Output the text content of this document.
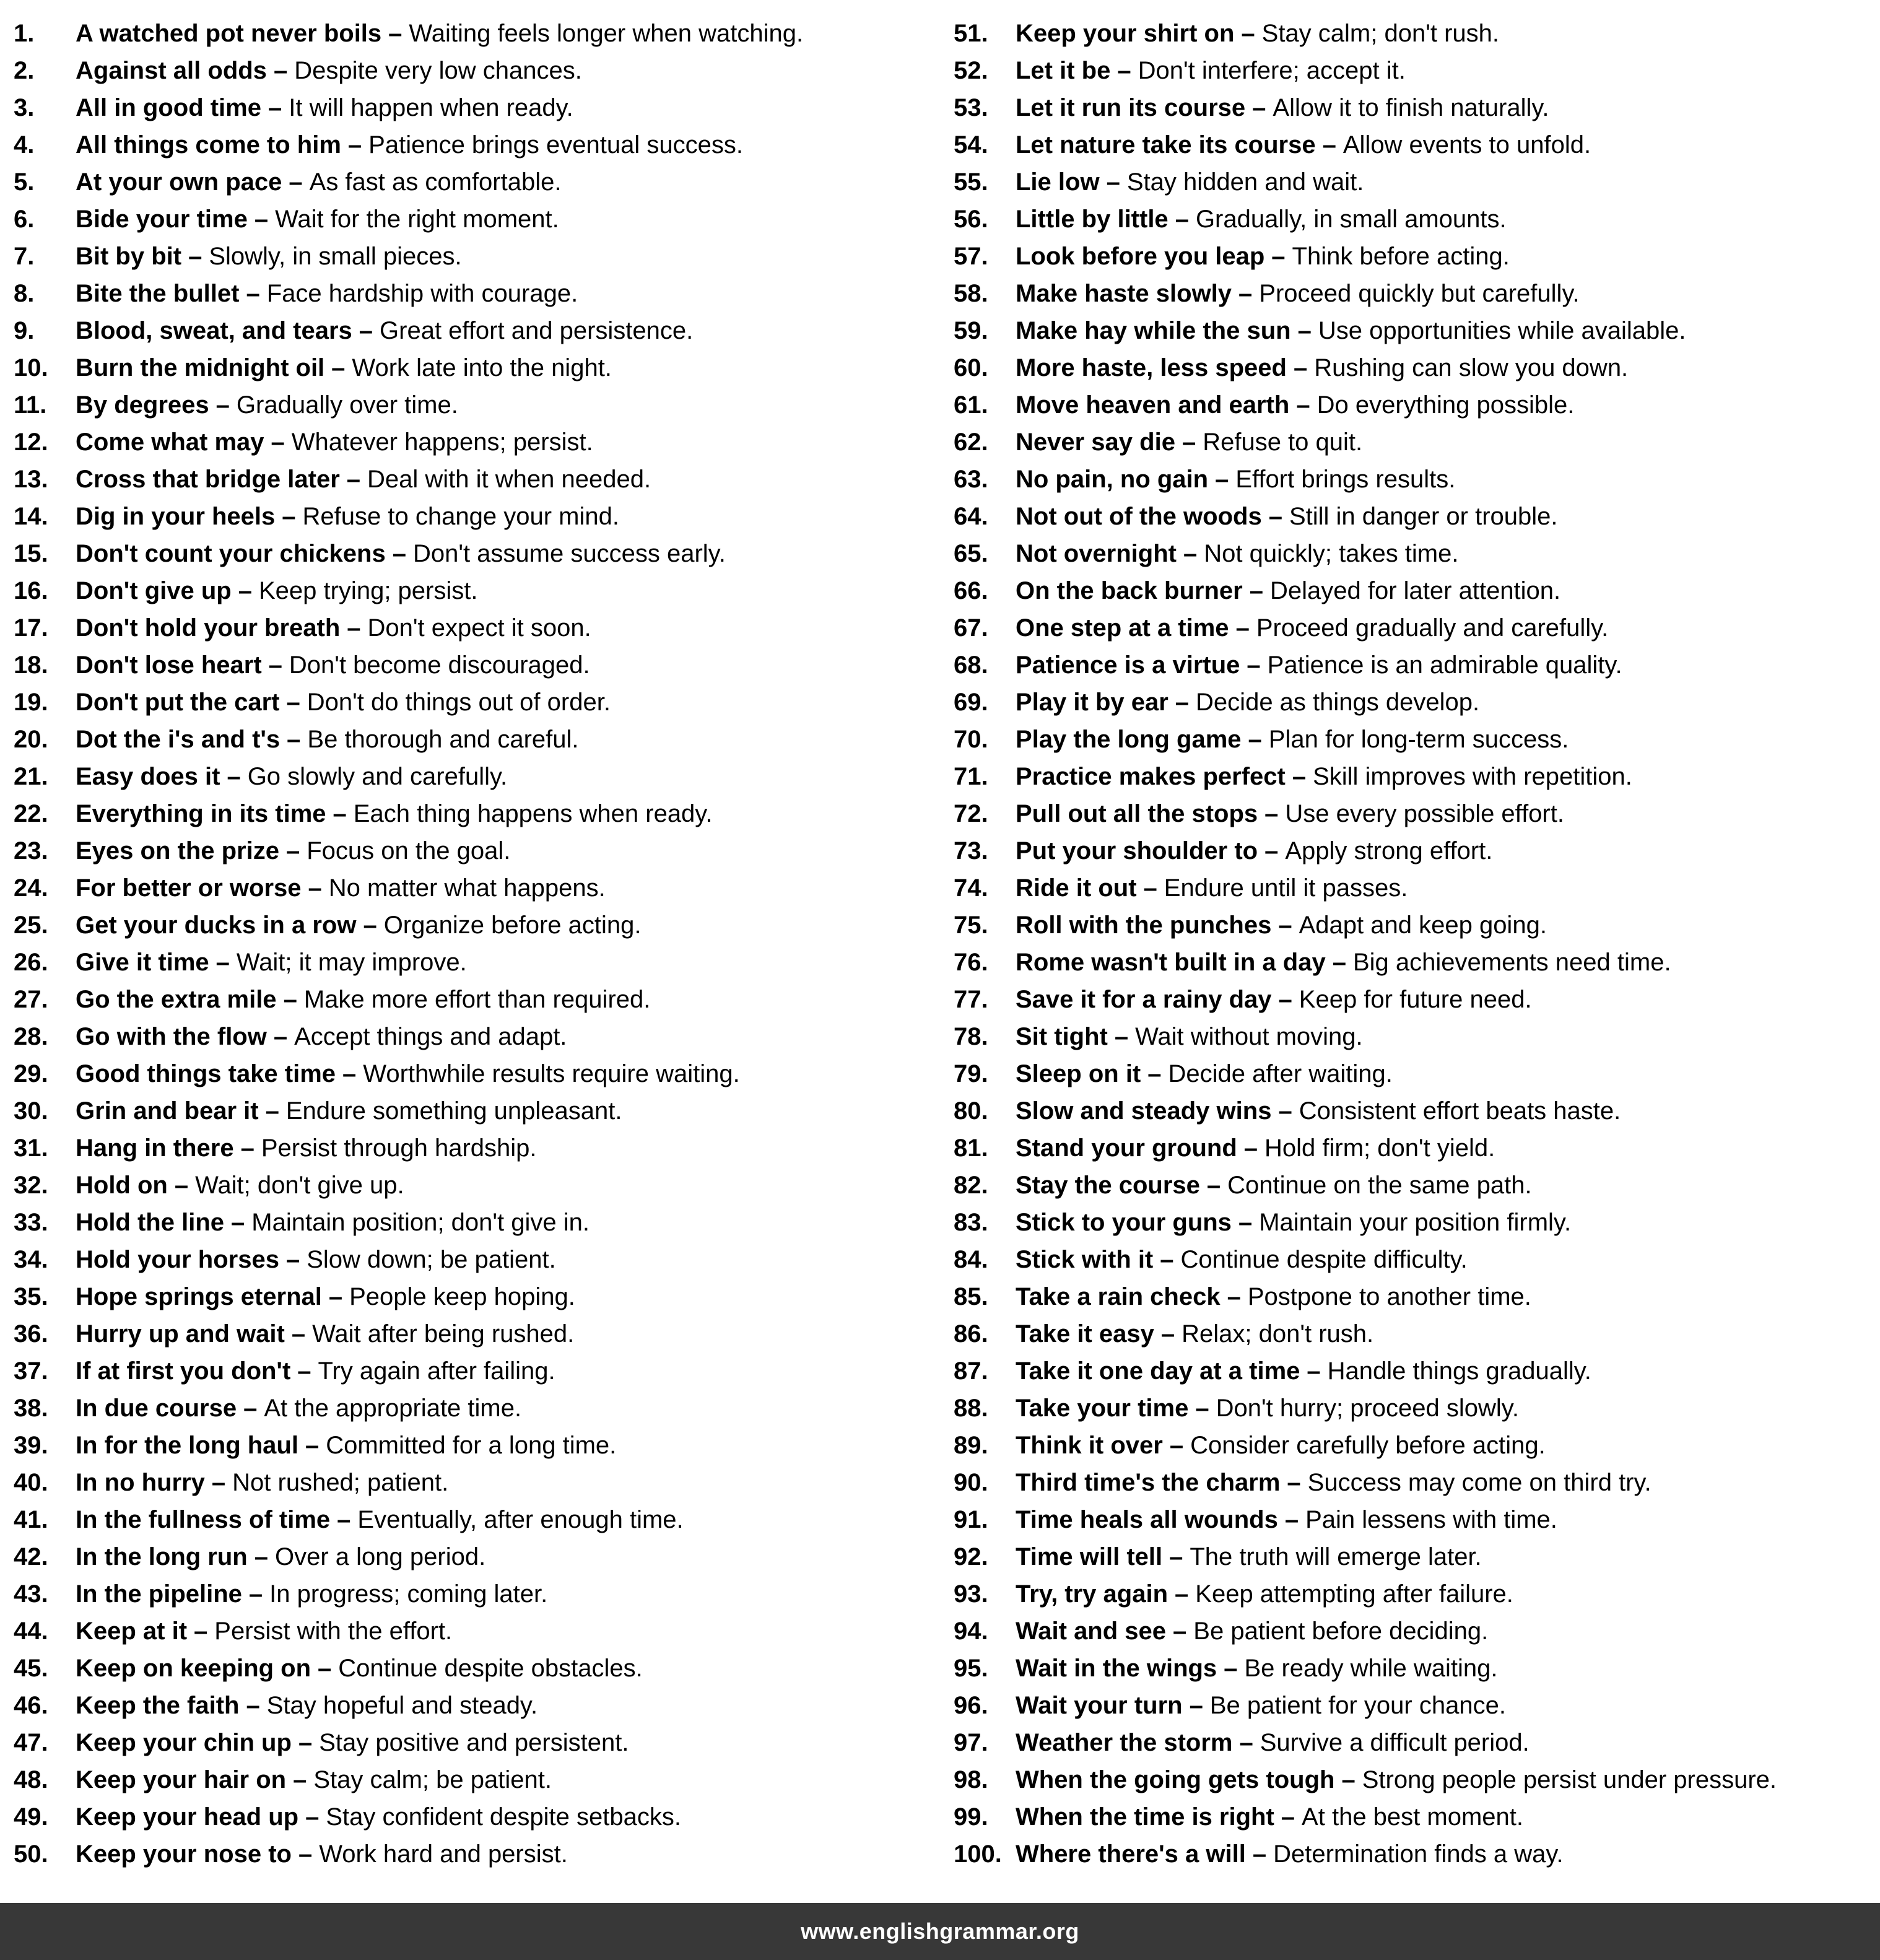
1.	A watched pot never boils – Waiting feels longer when watching.
2.	Against all odds – Despite very low chances.
3.	All in good time – It will happen when ready.
4.	All things come to him – Patience brings eventual success.
5.	At your own pace – As fast as comfortable.
6.	Bide your time – Wait for the right moment.
7.	Bit by bit – Slowly, in small pieces.
8.	Bite the bullet – Face hardship with courage.
9.	Blood, sweat, and tears – Great effort and persistence.
10.	Burn the midnight oil – Work late into the night.
11.	By degrees – Gradually over time.
12.	Come what may – Whatever happens; persist.
13.	Cross that bridge later – Deal with it when needed.
14.	Dig in your heels – Refuse to change your mind.
15.	Don't count your chickens – Don't assume success early.
16.	Don't give up – Keep trying; persist.
17.	Don't hold your breath – Don't expect it soon.
18.	Don't lose heart – Don't become discouraged.
19.	Don't put the cart – Don't do things out of order.
20.	Dot the i's and t's – Be thorough and careful.
21.	Easy does it – Go slowly and carefully.
22.	Everything in its time – Each thing happens when ready.
23.	Eyes on the prize – Focus on the goal.
24.	For better or worse – No matter what happens.
25.	Get your ducks in a row – Organize before acting.
26.	Give it time – Wait; it may improve.
27.	Go the extra mile – Make more effort than required.
28.	Go with the flow – Accept things and adapt.
29.	Good things take time – Worthwhile results require waiting.
30.	Grin and bear it – Endure something unpleasant.
31.	Hang in there – Persist through hardship.
32.	Hold on – Wait; don't give up.
33.	Hold the line – Maintain position; don't give in.
34.	Hold your horses – Slow down; be patient.
35.	Hope springs eternal – People keep hoping.
36.	Hurry up and wait – Wait after being rushed.
37.	If at first you don't – Try again after failing.
38.	In due course – At the appropriate time.
39.	In for the long haul – Committed for a long time.
40.	In no hurry – Not rushed; patient.
41.	In the fullness of time – Eventually, after enough time.
42.	In the long run – Over a long period.
43.	In the pipeline – In progress; coming later.
44.	Keep at it – Persist with the effort.
45.	Keep on keeping on – Continue despite obstacles.
46.	Keep the faith – Stay hopeful and steady.
47.	Keep your chin up – Stay positive and persistent.
48.	Keep your hair on – Stay calm; be patient.
49.	Keep your head up – Stay confident despite setbacks.
50.	Keep your nose to – Work hard and persist.
51.	Keep your shirt on – Stay calm; don't rush.
52.	Let it be – Don't interfere; accept it.
53.	Let it run its course – Allow it to finish naturally.
54.	Let nature take its course – Allow events to unfold.
55.	Lie low – Stay hidden and wait.
56.	Little by little – Gradually, in small amounts.
57.	Look before you leap – Think before acting.
58.	Make haste slowly – Proceed quickly but carefully.
59.	Make hay while the sun – Use opportunities while available.
60.	More haste, less speed – Rushing can slow you down.
61.	Move heaven and earth – Do everything possible.
62.	Never say die – Refuse to quit.
63.	No pain, no gain – Effort brings results.
64.	Not out of the woods – Still in danger or trouble.
65.	Not overnight – Not quickly; takes time.
66.	On the back burner – Delayed for later attention.
67.	One step at a time – Proceed gradually and carefully.
68.	Patience is a virtue – Patience is an admirable quality.
69.	Play it by ear – Decide as things develop.
70.	Play the long game – Plan for long-term success.
71.	Practice makes perfect – Skill improves with repetition.
72.	Pull out all the stops – Use every possible effort.
73.	Put your shoulder to – Apply strong effort.
74.	Ride it out – Endure until it passes.
75.	Roll with the punches – Adapt and keep going.
76.	Rome wasn't built in a day – Big achievements need time.
77.	Save it for a rainy day – Keep for future need.
78.	Sit tight – Wait without moving.
79.	Sleep on it – Decide after waiting.
80.	Slow and steady wins – Consistent effort beats haste.
81.	Stand your ground – Hold firm; don't yield.
82.	Stay the course – Continue on the same path.
83.	Stick to your guns – Maintain your position firmly.
84.	Stick with it – Continue despite difficulty.
85.	Take a rain check – Postpone to another time.
86.	Take it easy – Relax; don't rush.
87.	Take it one day at a time – Handle things gradually.
88.	Take your time – Don't hurry; proceed slowly.
89.	Think it over – Consider carefully before acting.
90.	Third time's the charm – Success may come on third try.
91.	Time heals all wounds – Pain lessens with time.
92.	Time will tell – The truth will emerge later.
93.	Try, try again – Keep attempting after failure.
94.	Wait and see – Be patient before deciding.
95.	Wait in the wings – Be ready while waiting.
96.	Wait your turn – Be patient for your chance.
97.	Weather the storm – Survive a difficult period.
98.	When the going gets tough – Strong people persist under pressure.
99.	When the time is right – At the best moment.
100. Where there's a will – Determination finds a way.
www.englishgrammar.org
